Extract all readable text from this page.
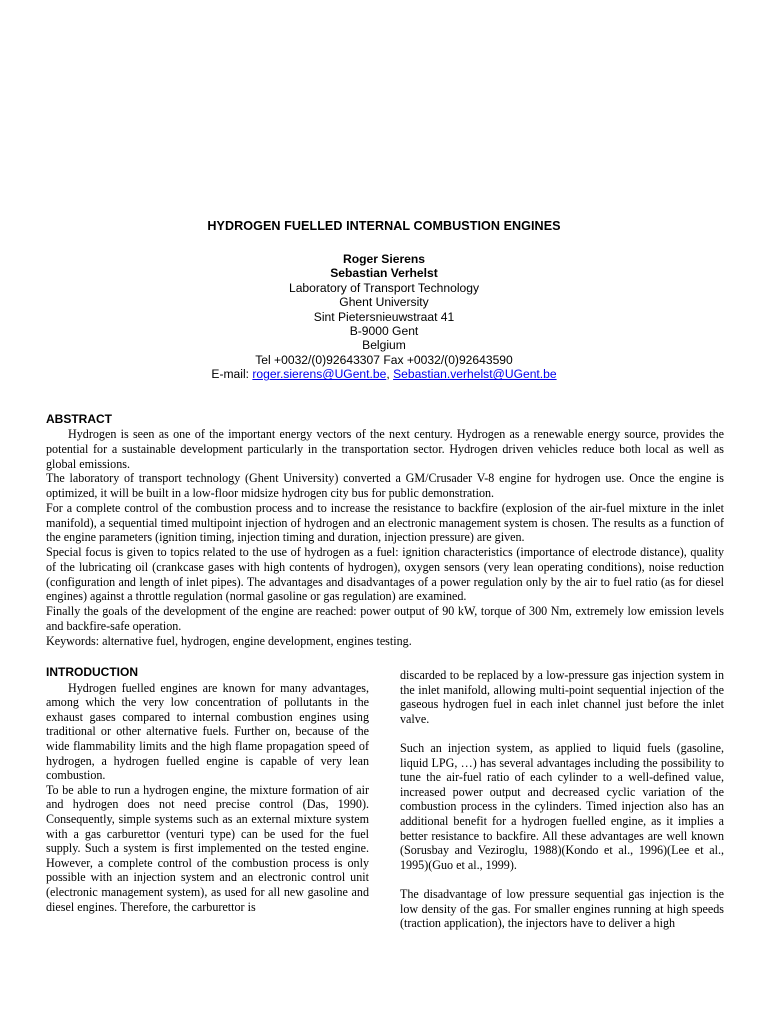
HYDROGEN FUELLED INTERNAL COMBUSTION ENGINES
Roger Sierens
Sebastian Verhelst
Laboratory of Transport Technology
Ghent University
Sint Pietersnieuwstraat 41
B-9000 Gent
Belgium
Tel +0032/(0)92643307 Fax +0032/(0)92643590
E-mail: roger.sierens@UGent.be, Sebastian.verhelst@UGent.be
ABSTRACT

Hydrogen is seen as one of the important energy vectors of the next century. Hydrogen as a renewable energy source, provides the potential for a sustainable development particularly in the transportation sector. Hydrogen driven vehicles reduce both local as well as global emissions.

The laboratory of transport technology (Ghent University) converted a GM/Crusader V-8 engine for hydrogen use. Once the engine is optimized, it will be built in a low-floor midsize hydrogen city bus for public demonstration.

For a complete control of the combustion process and to increase the resistance to backfire (explosion of the air-fuel mixture in the inlet manifold), a sequential timed multipoint injection of hydrogen and an electronic management system is chosen. The results as a function of the engine parameters (ignition timing, injection timing and duration, injection pressure) are given.

Special focus is given to topics related to the use of hydrogen as a fuel: ignition characteristics (importance of electrode distance), quality of the lubricating oil (crankcase gases with high contents of hydrogen), oxygen sensors (very lean operating conditions), noise reduction (configuration and length of inlet pipes). The advantages and disadvantages of a power regulation only by the air to fuel ratio (as for diesel engines) against a throttle regulation (normal gasoline or gas regulation) are examined.

Finally the goals of the development of the engine are reached: power output of 90 kW, torque of 300 Nm, extremely low emission levels and backfire-safe operation.

Keywords: alternative fuel, hydrogen, engine development, engines testing.

INTRODUCTION

Hydrogen fuelled engines are known for many advantages, among which the very low concentration of pollutants in the exhaust gases compared to internal combustion engines using traditional or other alternative fuels. Further on, because of the wide flammability limits and the high flame propagation speed of hydrogen, a hydrogen fuelled engine is capable of very lean combustion.

To be able to run a hydrogen engine, the mixture formation of air and hydrogen does not need precise control (Das, 1990). Consequently, simple systems such as an external mixture system with a gas carburettor (venturi type) can be used for the fuel supply. Such a system is first implemented on the tested engine. However, a complete control of the combustion process is only possible with an injection system and an electronic control unit (electronic management system), as used for all new gasoline and diesel engines. Therefore, the carburettor is

discarded to be replaced by a low-pressure gas injection system in the inlet manifold, allowing multi-point sequential injection of the gaseous hydrogen fuel in each inlet channel just before the inlet valve.

Such an injection system, as applied to liquid fuels (gasoline, liquid LPG, …) has several advantages including the possibility to tune the air-fuel ratio of each cylinder to a well-defined value, increased power output and decreased cyclic variation of the combustion process in the cylinders. Timed injection also has an additional benefit for a hydrogen fuelled engine, as it implies a better resistance to backfire. All these advantages are well known (Sorusbay and Veziroglu, 1988)(Kondo et al., 1996)(Lee et al., 1995)(Guo et al., 1999).

The disadvantage of low pressure sequential gas injection is the low density of the gas. For smaller engines running at high speeds (traction application), the injectors have to deliver a high
